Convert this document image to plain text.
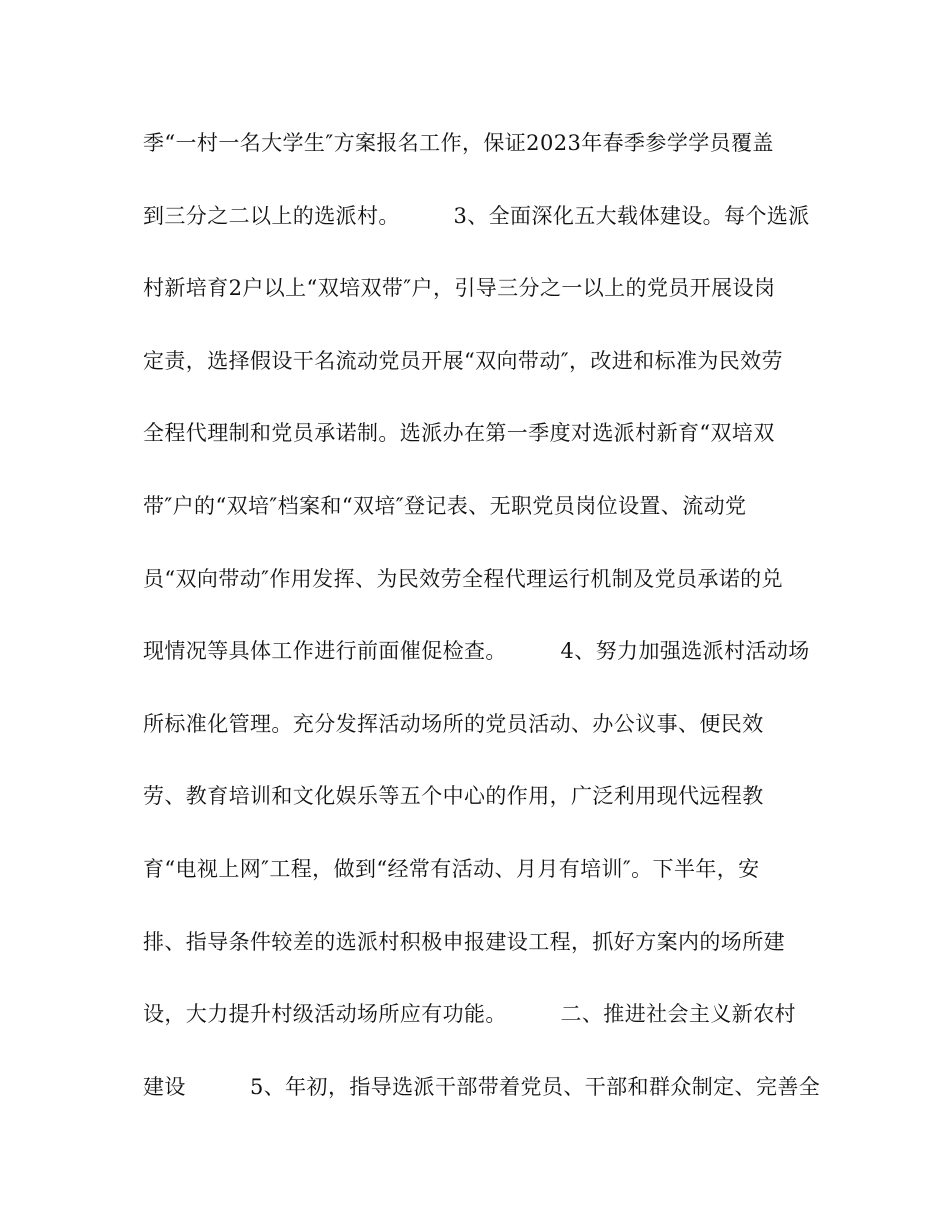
季“一村一名大学生″方案报名工作，保证2023年春季参学学员覆盖
到三分之二以上的选派村。　　　3、全面深化五大载体建设。每个选派
村新培育2户以上“双培双带″户，引导三分之一以上的党员开展设岗
定责，选择假设干名流动党员开展“双向带动″，改进和标准为民效劳
全程代理制和党员承诺制。选派办在第一季度对选派村新育“双培双
带″户的“双培″档案和“双培″登记表、无职党员岗位设置、流动党
员“双向带动″作用发挥、为民效劳全程代理运行机制及党员承诺的兑
现情况等具体工作进行前面催促检查。　　　4、努力加强选派村活动场
所标准化管理。充分发挥活动场所的党员活动、办公议事、便民效
劳、教育培训和文化娱乐等五个中心的作用，广泛利用现代远程教
育“电视上网″工程，做到“经常有活动、月月有培训″。下半年，安
排、指导条件较差的选派村积极申报建设工程，抓好方案内的场所建
设，大力提升村级活动场所应有功能。　　　二、推进社会主义新农村
建设　　　5、年初，指导选派干部带着党员、干部和群众制定、完善全
